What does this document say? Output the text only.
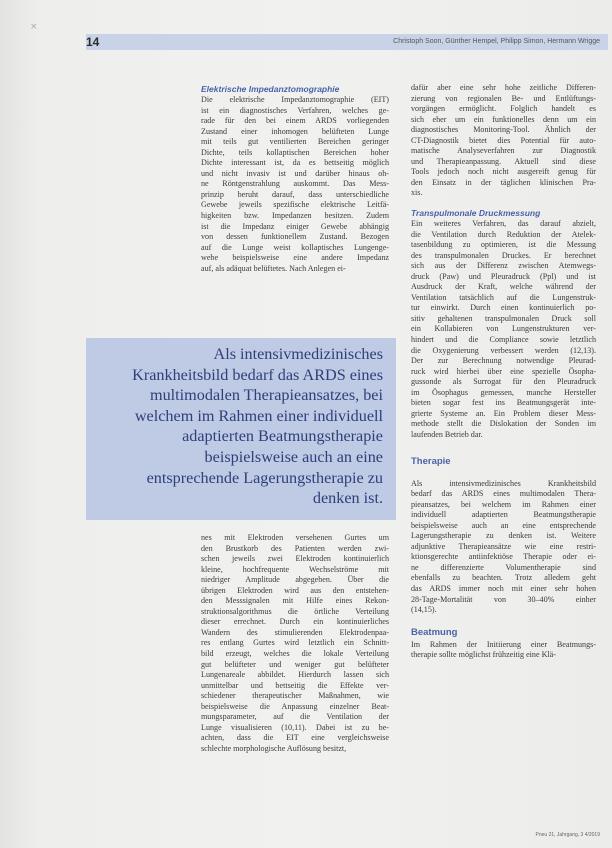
×
14	Christoph Soon, Günther Hempel, Philipp Simon, Hermann Wrigge
Elektrische Impedanztomographie
Die elektrische Impedanztomographie (EIT)
ist ein diagnostisches Verfahren, welches ge-
rade für den bei einem ARDS vorliegenden
Zustand einer inhomogen belüfteten Lunge
mit teils gut ventilierten Bereichen geringer
Dichte, teils kollaptischen Bereichen hoher
Dichte interessant ist, da es bettseitig möglich
und nicht invasiv ist und darüber hinaus oh-
ne Röntgenstrahlung auskommt. Das Mess-
prinzip beruht darauf, dass unterschiedliche
Gewebe jeweils spezifische elektrische Leitfä-
higkeiten bzw. Impedanzen besitzen. Zudem
ist die Impedanz einiger Gewebe abhängig
von dessen funktionellem Zustand. Bezogen
auf die Lunge weist kollaptisches Lungenge-
webe beispielsweise eine andere Impedanz
auf, als adäquat belüftetes. Nach Anlegen ei-
Als intensivmedizinisches
Krankheitsbild bedarf das ARDS eines
multimodalen Therapieansatzes, bei
welchem im Rahmen einer individuell
adaptierten Beatmungstherapie
beispielsweise auch an eine
entsprechende Lagerungstherapie zu
denken ist.
nes mit Elektroden versehenen Gurtes um
den Brustkorb des Patienten werden zwi-
schen jeweils zwei Elektroden kontinuierlich
kleine, hochfrequente Wechselströme mit
niedriger Amplitude abgegeben. Über die
übrigen Elektroden wird aus den entstehen-
den Messsignalen mit Hilfe eines Rekon-
struktionsalgorithmus die örtliche Verteilung
dieser errechnet. Durch ein kontinuierliches
Wandern des stimulierenden Elektrodenpaa-
res entlang Gurtes wird letztlich ein Schnitt-
bild erzeugt, welches die lokale Verteilung
gut belüfteter und weniger gut belüfteter
Lungenareale abbildet. Hierdurch lassen sich
unmittelbar und bettseitig die Effekte ver-
schiedener therapeutischer Maßnahmen, wie
beispielsweise die Anpassung einzelner Beat-
mungsparameter, auf die Ventilation der
Lunge visualisieren (10,11). Dabei ist zu be-
achten, dass die EIT eine vergleichsweise
schlechte morphologische Auflösung besitzt,
dafür aber eine sehr hohe zeitliche Differen-
zierung von regionalen Be- und Entlüftungs-
vorgängen ermöglicht. Folglich handelt es
sich eher um ein funktionelles denn um ein
diagnostisches Monitoring-Tool. Ähnlich der
CT-Diagnostik bietet dies Potential für auto-
matische Analyseverfahren zur Diagnostik
und Therapieanpassung. Aktuell sind diese
Tools jedoch noch nicht ausgereift genug für
den Einsatz in der täglichen klinischen Pra-
xis.
Transpulmonale Druckmessung
Ein weiteres Verfahren, das darauf abzielt,
die Ventilation durch Reduktion der Atelek-
tasenbildung zu optimieren, ist die Messung
des transpulmonalen Druckes. Er berechnet
sich aus der Differenz zwischen Atemwegs-
druck (Paw) und Pleuradruck (Ppl) und ist
Ausdruck der Kraft, welche während der
Ventilation tatsächlich auf die Lungenstruk-
tur einwirkt. Durch einen kontinuierlich po-
sitiv gehaltenen transpulmonalen Druck soll
ein Kollabieren von Lungenstrukturen ver-
hindert und die Compliance sowie letztlich
die Oxygenierung verbessert werden (12,13).
Der zur Berechnung notwendige Pleurad-
ruck wird hierbei über eine spezielle Ösopha-
gussonde als Surrogat für den Pleuradruck
im Ösophagus gemessen, manche Hersteller
bieten sogar fest ins Beatmungsgerät inte-
grierte Systeme an. Ein Problem dieser Mess-
methode stellt die Dislokation der Sonden im
laufenden Betrieb dar.
Therapie
Als intensivmedizinisches Krankheitsbild
bedarf das ARDS eines multimodalen Thera-
pieansatzes, bei welchem im Rahmen einer
individuell adaptierten Beatmungstherapie
beispielsweise auch an eine entsprechende
Lagerungstherapie zu denken ist. Weitere
adjunktive Therapieansätze wie eine restri-
ktionsgerechte antiinfektiöse Therapie oder ei-
ne differenzierte Volumentherapie sind
ebenfalls zu beachten. Trotz alledem geht
das ARDS immer noch mit einer sehr hohen
28-Tage-Mortalität von 30–40% einher
(14,15).
Beatmung
Im Rahmen der Initiierung einer Beatmungs-
therapie sollte möglichst frühzeitig eine Klä-
Pneu 21, Jahrgang, 3 4/2019
